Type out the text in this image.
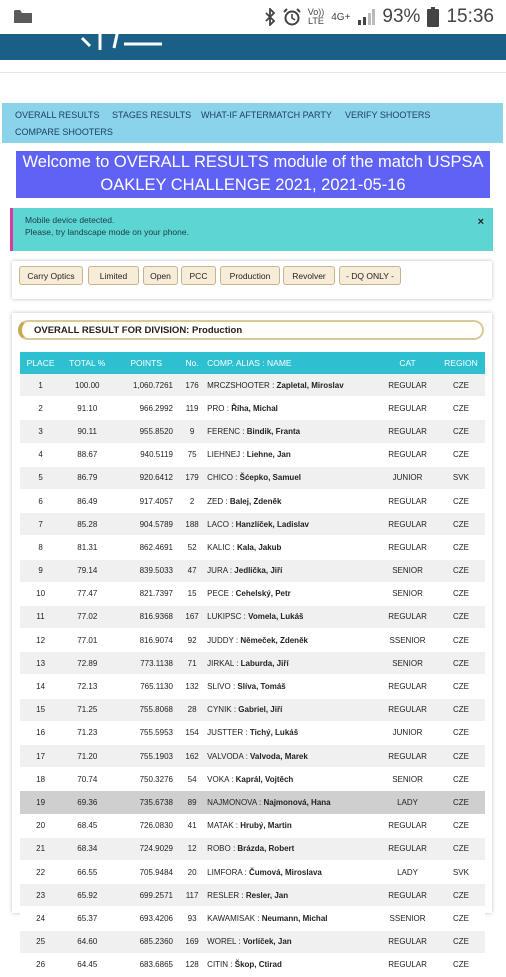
Vo))
LTE 4G+ 93% 15:36
OVERALL RESULTS STAGES RESULTS WHAT-IF AFTERMATCH PARTY VERIFY SHOOTERS
COMPARE SHOOTERS
Welcome to OVERALL RESULTS module of the match USPSA
OAKLEY CHALLENGE 2021, 2021-05-16
Mobile device detected.
Please, try landscape mode on your phone.
×
Carry Optics	Limited	Open	PCC	Production	Revolver	- DQ ONLY -
OVERALL RESULT FOR DIVISION: Production
PLACE	TOTAL %	POINTS	No.	COMP. ALIAS : NAME	CAT	REGION
1	100.00	1,060.7261	176	MRCZSHOOTER : Zapletal, Miroslav	REGULAR	CZE
2	91.10	966.2992	119	PRO : Říha, Michal	REGULAR	CZE
3	90.11	955.8520	9	FERENC : Bindik, Franta	REGULAR	CZE
4	88.67	940.5119	75	LIEHNEJ : Liehne, Jan	REGULAR	CZE
5	86.79	920.6412	179	CHICO : Šćepko, Samuel	JUNIOR	SVK
6	86.49	917.4057	2	ZED : Balej, Zdeněk	REGULAR	CZE
7	85.28	904.5789	188	LACO : Hanzlíček, Ladislav	REGULAR	CZE
8	81.31	862.4691	52	KALIC : Kala, Jakub	REGULAR	CZE
9	79.14	839.5033	47	JURA : Jedlička, Jiří	SENIOR	CZE
10	77.47	821.7397	15	PECE : Cehelský, Petr	SENIOR	CZE
11	77.02	816.9368	167	LUKIPSC : Vomela, Lukáš	REGULAR	CZE
12	77.01	816.9074	92	JUDDY : Němeček, Zdeněk	SSENIOR	CZE
13	72.89	773.1138	71	JIRKAL : Laburda, Jiří	SENIOR	CZE
14	72.13	765.1130	132	SLIVO : Slíva, Tomáš	REGULAR	CZE
15	71.25	755.8068	28	CYNIK : Gabriel, Jiří	REGULAR	CZE
16	71.23	755.5953	154	JUSTTER : Tichý, Lukáš	JUNIOR	CZE
17	71.20	755.1903	162	VALVODA : Valvoda, Marek	REGULAR	CZE
18	70.74	750.3276	54	VOKA : Kaprál, Vojtěch	SENIOR	CZE
19	69.36	735.6738	89	NAJMONOVA : Najmonová, Hana	LADY	CZE
20	68.45	726.0830	41	MATAK : Hrubý, Martin	REGULAR	CZE
21	68.34	724.9029	12	ROBO : Brázda, Robert	REGULAR	CZE
22	66.55	705.9484	20	LIMFORA : Čumová, Miroslava	LADY	SVK
23	65.92	699.2571	117	RESLER : Resler, Jan	REGULAR	CZE
24	65.37	693.4206	93	KAWAMISAK : Neumann, Michal	SSENIOR	CZE
25	64.60	685.2360	169	WOREL : Vorlíček, Jan	REGULAR	CZE
26	64.45	683.6865	128	CITIN : Škop, Ctirad	REGULAR	CZE
